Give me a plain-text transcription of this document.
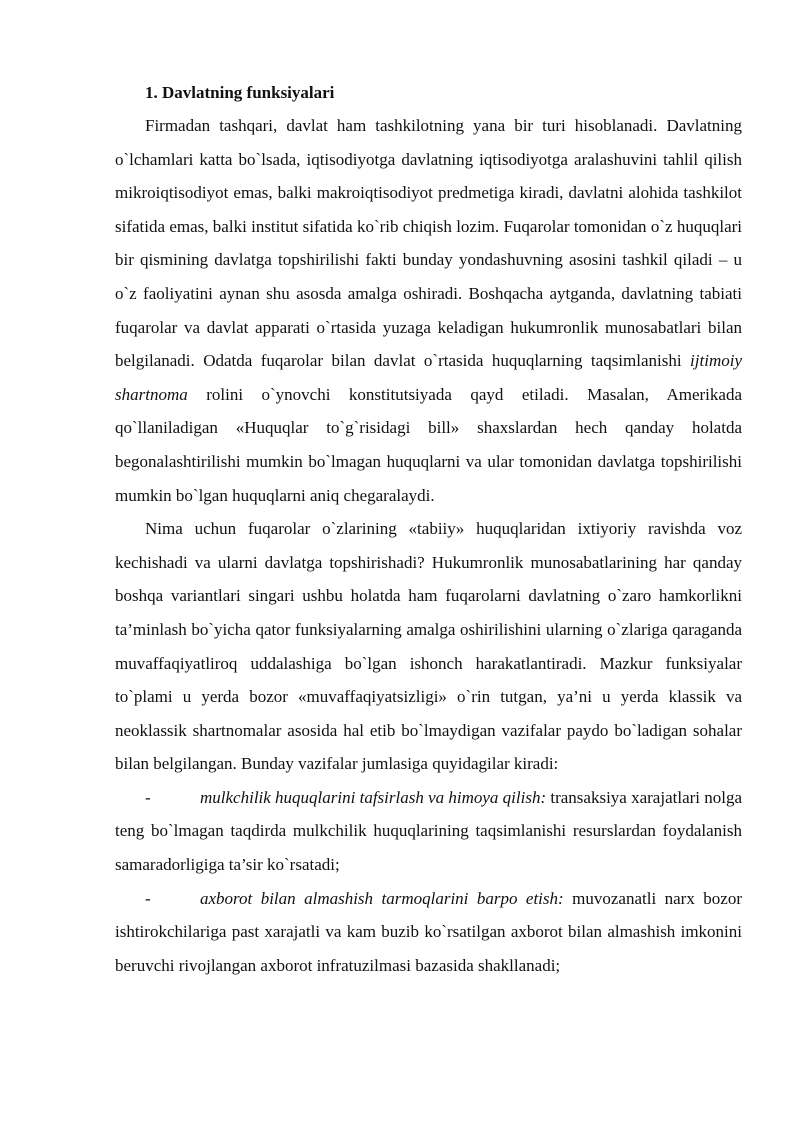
1. Davlatning funksiyalari

Firmadan tashqari, davlat ham tashkilotning yana bir turi hisoblanadi. Davlatning o`lchamlari katta bo`lsada, iqtisodiyotga davlatning iqtisodiyotga aralashuvini tahlil qilish mikroiqtisodiyot emas, balki makroiqtisodiyot predmetiga kiradi, davlatni alohida tashkilot sifatida emas, balki institut sifatida ko`rib chiqish lozim. Fuqarolar tomonidan o`z huquqlari bir qismining davlatga topshirilishi fakti bunday yondashuvning asosini tashkil qiladi – u o`z faoliyatini aynan shu asosda amalga oshiradi. Boshqacha aytganda, davlatning tabiati fuqarolar va davlat apparati o`rtasida yuzaga keladigan hukumronlik munosabatlari bilan belgilanadi. Odatda fuqarolar bilan davlat o`rtasida huquqlarning taqsimlanishi ijtimoiy shartnoma rolini o`ynovchi konstitutsiyada qayd etiladi. Masalan, Amerikada qo`llaniladigan «Huquqlar to`g`risidagi bill» shaxslardan hech qanday holatda begonalashtirilishi mumkin bo`lmagan huquqlarni va ular tomonidan davlatga topshirilishi mumkin bo`lgan huquqlarni aniq chegaralaydi.

Nima uchun fuqarolar o`zlarining «tabiiy» huquqlaridan ixtiyoriy ravishda voz kechishadi va ularni davlatga topshirishadi? Hukumronlik munosabatlarining har qanday boshqa variantlari singari ushbu holatda ham fuqarolarni davlatning o`zaro hamkorlikni ta’minlash bo`yicha qator funksiyalarning amalga oshirilishini ularning o`zlariga qaraganda muvaffaqiyatliroq uddalashiga bo`lgan ishonch harakatlantiradi. Mazkur funksiyalar to`plami u yerda bozor «muvaffaqiyatsizligi» o`rin tutgan, ya’ni u yerda klassik va neoklassik shartnomalar asosida hal etib bo`lmaydigan vazifalar paydo bo`ladigan sohalar bilan belgilangan. Bunday vazifalar jumlasiga quyidagilar kiradi:

-	mulkchilik huquqlarini tafsirlash va himoya qilish: transaksiya xarajatlari nolga teng bo`lmagan taqdirda mulkchilik huquqlarining taqsimlanishi resurslardan foydalanish samaradorligiga ta’sir ko`rsatadi;

-	axborot bilan almashish tarmoqlarini barpo etish: muvozanatli narx bozor ishtirokchilariga past xarajatli va kam buzib ko`rsatilgan axborot bilan almashish imkonini beruvchi rivojlangan axborot infratuzilmasi bazasida shakllanadi;
